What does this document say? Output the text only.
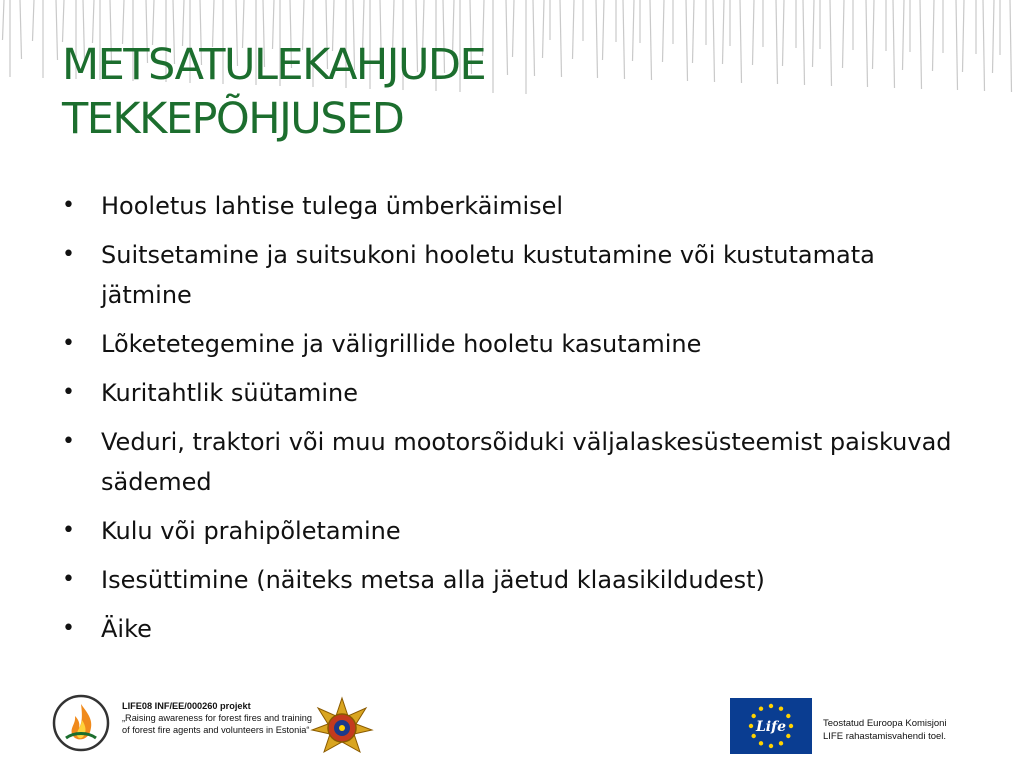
METSATULEKAHJUDE
TEKKEPÕHJUSED
• Hooletus lahtise tulega ümberkäimisel
• Suitsetamine ja suitsukoni hooletu kustutamine või kustutamata jätmine
• Lõketetegemine ja väligrillide hooletu kasutamine
• Kuritahtlik süütamine
• Veduri, traktori või muu mootorsõiduki väljalaskesüsteemist paiskuvad sädemed
• Kulu või prahipõletamine
• Isesüttimine (näiteks metsa alla jäetud klaasikildudest)
• Äike
LIFE08 INF/EE/000260 projekt
„Raising awareness for forest fires and training of forest fire agents and volunteers in Estonia“	Life	Teostatud Euroopa Komisjoni
LIFE rahastamisvahendi toel.
